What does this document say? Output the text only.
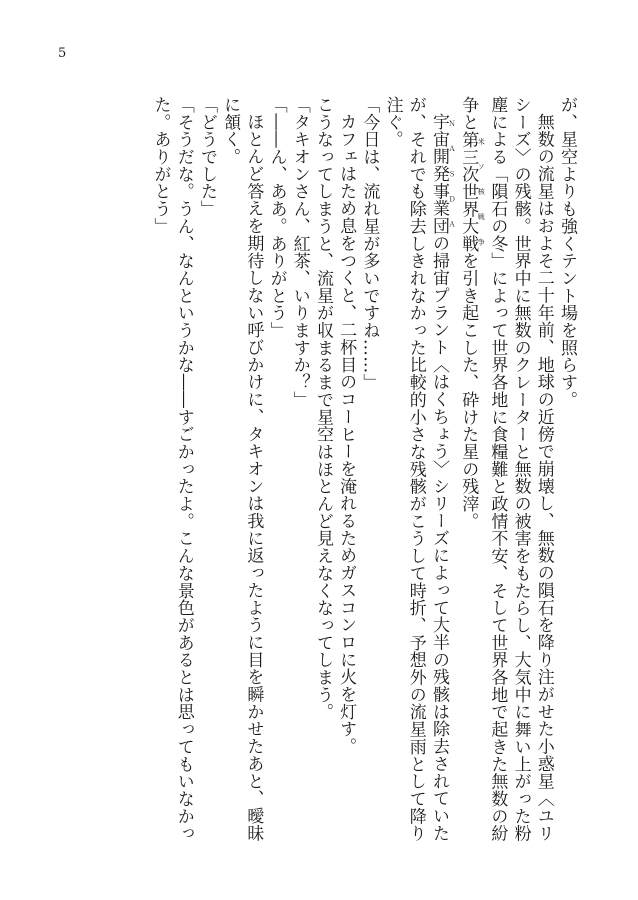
5

が、星空よりも強くテント場を照らす。

無数の流星はおよそ二十年前、地球の近傍で崩壊し、無数の隕石を降り注がせた小惑星〈ユリ

シーズ〉の残骸。世界中に無数のクレーターと無数の被害をもたらし、大気中に舞い上がった粉

塵による「隕石の冬」によって世界各地に食糧難と政情不安、そして世界各地で起きた無数の紛

争と第三次世界大戦 米ソ核戦争を引き起こした、砕けた星の残滓。

宇宙開発事業団 ＮＡＳＤＡの掃宙プラント〈はくちょう〉シリーズによって大半の残骸は除去されていた

が、それでも除去しきれなかった比較的小さな残骸がこうして時折、予想外の流星雨として降り

注ぐ。

「今日は、流れ星が多いですね……」

カフェはため息をつくと、二杯目のコーヒーを淹れるためガスコンロに火を灯す。

こうなってしまうと、流星が収まるまで星空はほとんど見えなくなってしまう。

「タキオンさん、紅茶、いりますか？」

「――ん、ああ。ありがとう」

ほとんど答えを期待しない呼びかけに、タキオンは我に返ったように目を瞬かせたあと、曖昧

に頷く。

「どうでした」

「そうだな。うん、なんというかな――すごかったよ。こんな景色があるとは思ってもいなかっ

た。ありがとう」
